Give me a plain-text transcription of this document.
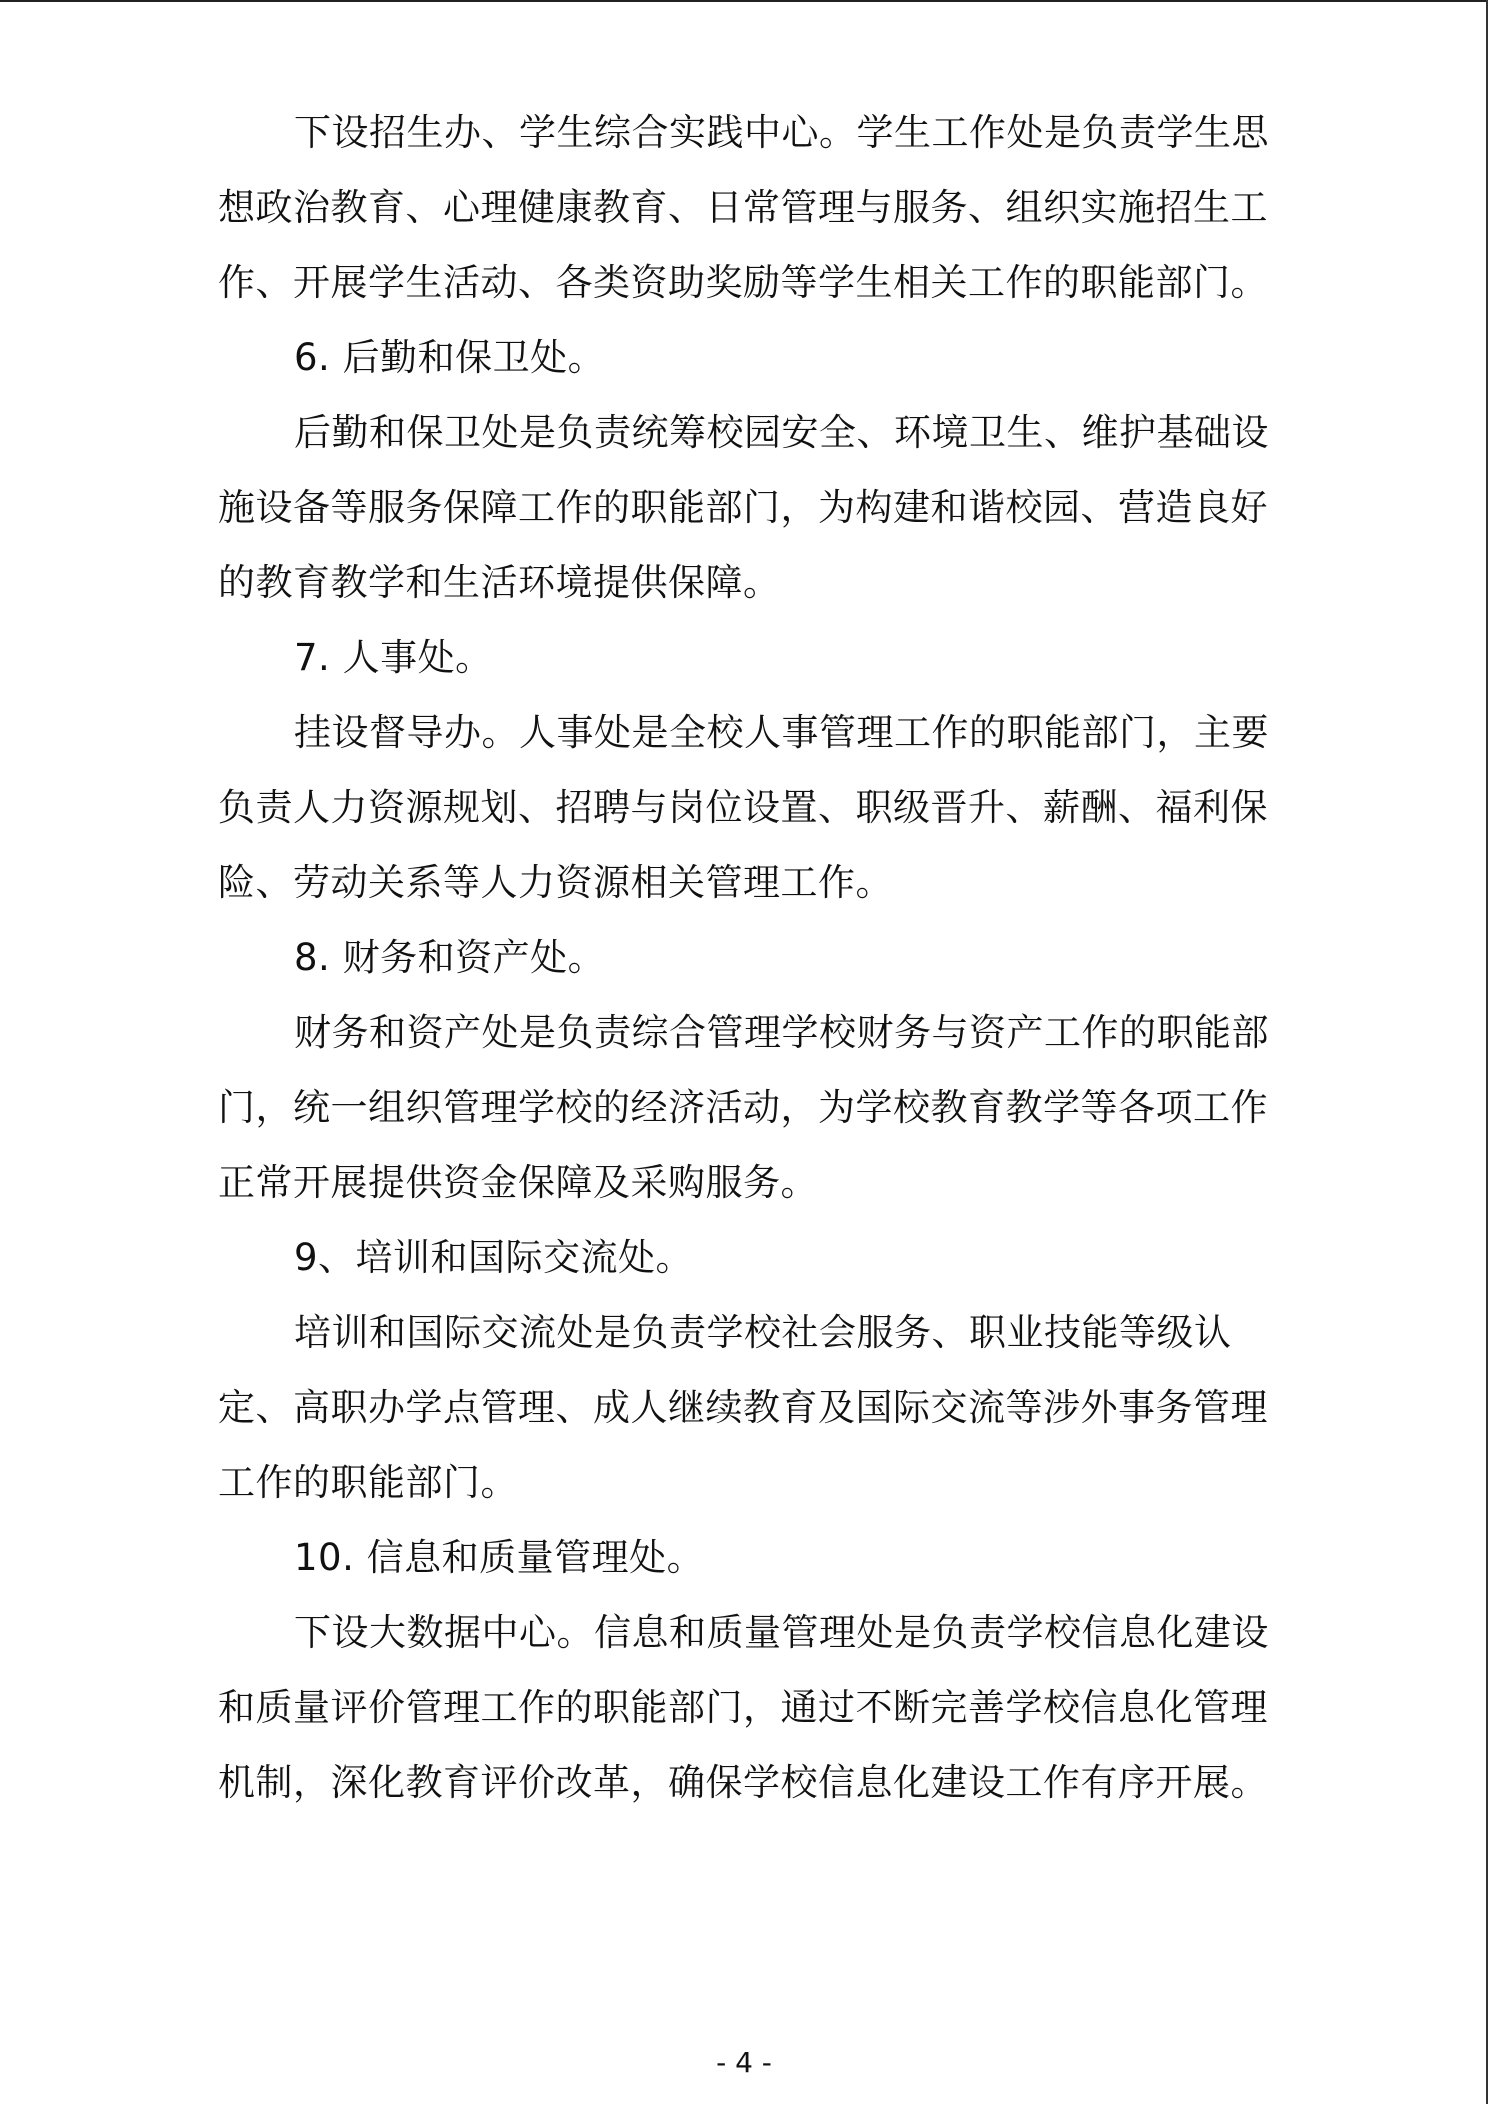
下设招生办、学生综合实践中心。学生工作处是负责学生思
想政治教育、心理健康教育、日常管理与服务、组织实施招生工
作、开展学生活动、各类资助奖励等学生相关工作的职能部门。
6. 后勤和保卫处。
后勤和保卫处是负责统筹校园安全、环境卫生、维护基础设
施设备等服务保障工作的职能部门，为构建和谐校园、营造良好
的教育教学和生活环境提供保障。
7. 人事处。
挂设督导办。人事处是全校人事管理工作的职能部门，主要
负责人力资源规划、招聘与岗位设置、职级晋升、薪酬、福利保
险、劳动关系等人力资源相关管理工作。
8. 财务和资产处。
财务和资产处是负责综合管理学校财务与资产工作的职能部
门，统一组织管理学校的经济活动，为学校教育教学等各项工作
正常开展提供资金保障及采购服务。
9、培训和国际交流处。
培训和国际交流处是负责学校社会服务、职业技能等级认
定、高职办学点管理、成人继续教育及国际交流等涉外事务管理
工作的职能部门。
10. 信息和质量管理处。
下设大数据中心。信息和质量管理处是负责学校信息化建设
和质量评价管理工作的职能部门，通过不断完善学校信息化管理
机制，深化教育评价改革，确保学校信息化建设工作有序开展。
- 4 -
